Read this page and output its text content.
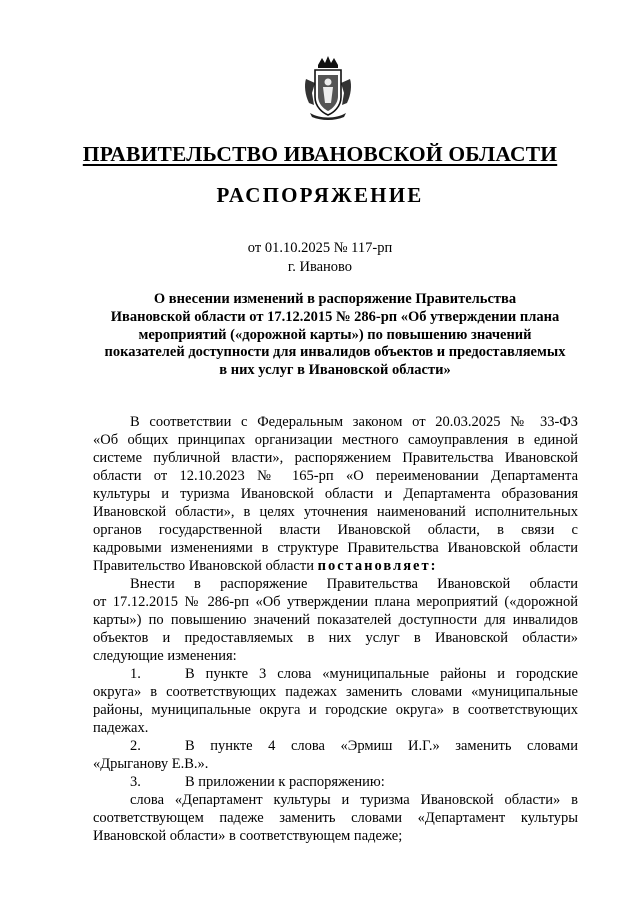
ПРАВИТЕЛЬСТВО ИВАНОВСКОЙ ОБЛАСТИ
РАСПОРЯЖЕНИЕ
от 01.10.2025 № 117-рп
г. Иваново
О внесении изменений в распоряжение Правительства
Ивановской области от 17.12.2015 № 286-рп «Об утверждении плана
мероприятий («дорожной карты») по повышению значений
показателей доступности для инвалидов объектов и предоставляемых
в них услуг в Ивановской области»
В соответствии с Федеральным законом от 20.03.2025 № 33-ФЗ
«Об общих принципах организации местного самоуправления в единой
системе публичной власти», распоряжением Правительства Ивановской
области от 12.10.2023 № 165-рп «О переименовании Департамента
культуры и туризма Ивановской области и Департамента образования
Ивановской области», в целях уточнения наименований исполнительных
органов государственной власти Ивановской области, в связи с
кадровыми изменениями в структуре Правительства Ивановской области
Правительство Ивановской области постановляет:
Внести в распоряжение Правительства Ивановской области
от 17.12.2015 № 286-рп «Об утверждении плана мероприятий («дорожной
карты») по повышению значений показателей доступности для инвалидов
объектов и предоставляемых в них услуг в Ивановской области»
следующие изменения:
1.	В пункте 3 слова «муниципальные районы и городские
округа» в соответствующих падежах заменить словами «муниципальные
районы, муниципальные округа и городские округа» в соответствующих
падежах.
2.	В пункте 4 слова «Эрмиш И.Г.» заменить словами
«Дрыганову Е.В.».
3.	В приложении к распоряжению:
слова «Департамент культуры и туризма Ивановской области» в
соответствующем падеже заменить словами «Департамент культуры
Ивановской области» в соответствующем падеже;
